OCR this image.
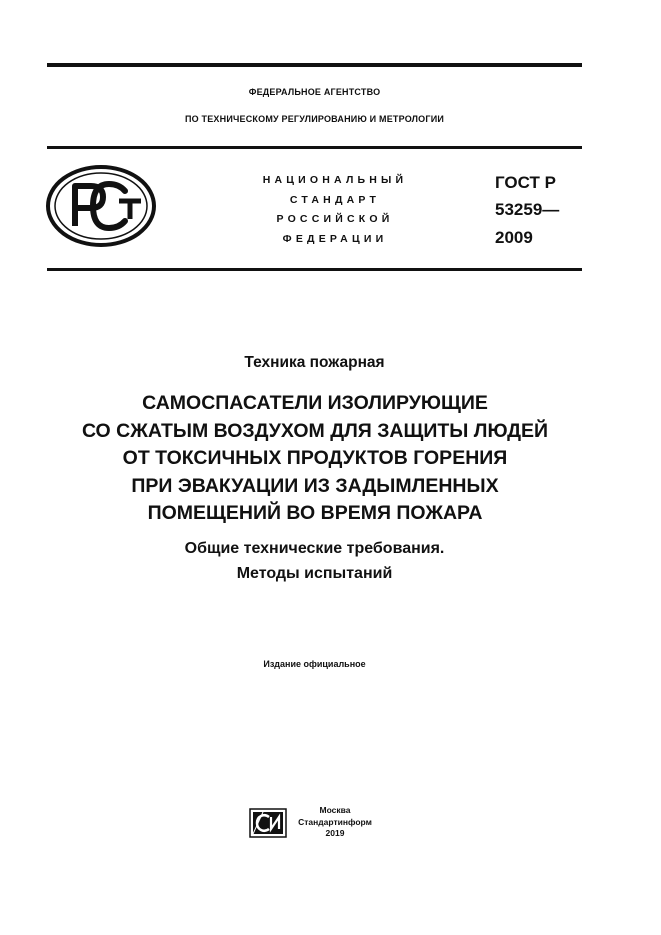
ФЕДЕРАЛЬНОЕ АГЕНТСТВО
ПО ТЕХНИЧЕСКОМУ РЕГУЛИРОВАНИЮ И МЕТРОЛОГИИ
НАЦИОНАЛЬНЫЙ
СТАНДАРТ
РОССИЙСКОЙ
ФЕДЕРАЦИИ
ГОСТ Р
53259—
2009
Техника пожарная
САМОСПАСАТЕЛИ ИЗОЛИРУЮЩИЕ
СО СЖАТЫМ ВОЗДУХОМ ДЛЯ ЗАЩИТЫ ЛЮДЕЙ
ОТ ТОКСИЧНЫХ ПРОДУКТОВ ГОРЕНИЯ
ПРИ ЭВАКУАЦИИ ИЗ ЗАДЫМЛЕННЫХ
ПОМЕЩЕНИЙ ВО ВРЕМЯ ПОЖАРА
Общие технические требования.
Методы испытаний
Издание официальное
Москва
Стандартинформ
2019
